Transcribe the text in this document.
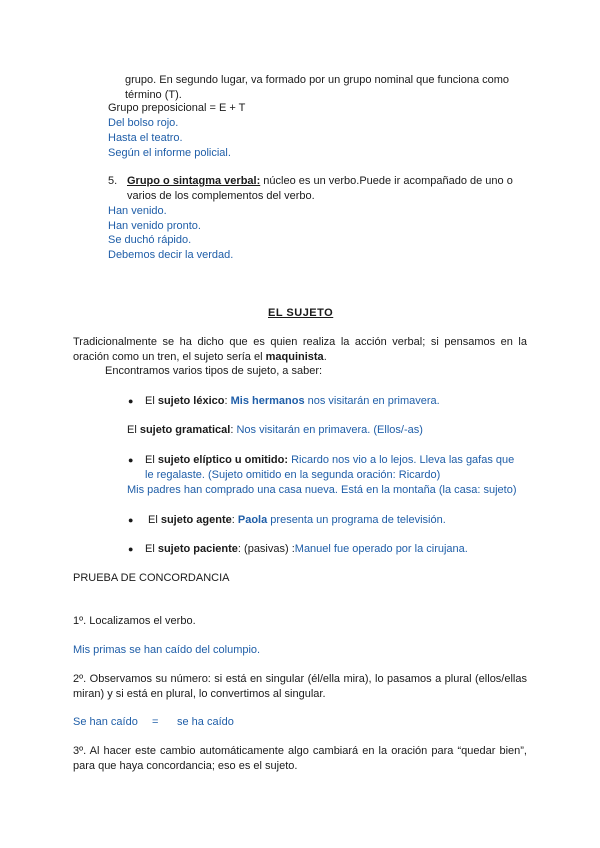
grupo. En segundo lugar, va formado por un grupo nominal que funciona como
término (T).
Grupo preposicional = E + T
Del bolso rojo.
Hasta el teatro.
Según el informe policial.
5. Grupo o sintagma verbal: núcleo es un verbo.Puede ir acompañado de uno o
varios de los complementos del verbo.
Han venido.
Han venido pronto.
Se duchó rápido.
Debemos decir la verdad.
EL SUJETO
Tradicionalmente se ha dicho que es quien realiza la acción verbal; si pensamos en la oración como un tren, el sujeto sería el maquinista.
Encontramos varios tipos de sujeto, a saber:
● El sujeto léxico: Mis hermanos nos visitarán en primavera.
El sujeto gramatical: Nos visitarán en primavera. (Ellos/-as)
● El sujeto elíptico u omitido: Ricardo nos vio a lo lejos. Lleva las gafas que
le regalaste. (Sujeto omitido en la segunda oración: Ricardo)
Mis padres han comprado una casa nueva. Está en la montaña (la casa: sujeto)
● El sujeto agente: Paola presenta un programa de televisión.
● El sujeto paciente: (pasivas) :Manuel fue operado por la cirujana.
PRUEBA DE CONCORDANCIA
1º. Localizamos el verbo.
Mis primas se han caído del columpio.
2º. Observamos su número: si está en singular (él/ella mira), lo pasamos a plural (ellos/ellas miran) y si está en plural, lo convertimos al singular.
Se han caído = se ha caído
3º. Al hacer este cambio automáticamente algo cambiará en la oración para “quedar bien”, para que haya concordancia; eso es el sujeto.
